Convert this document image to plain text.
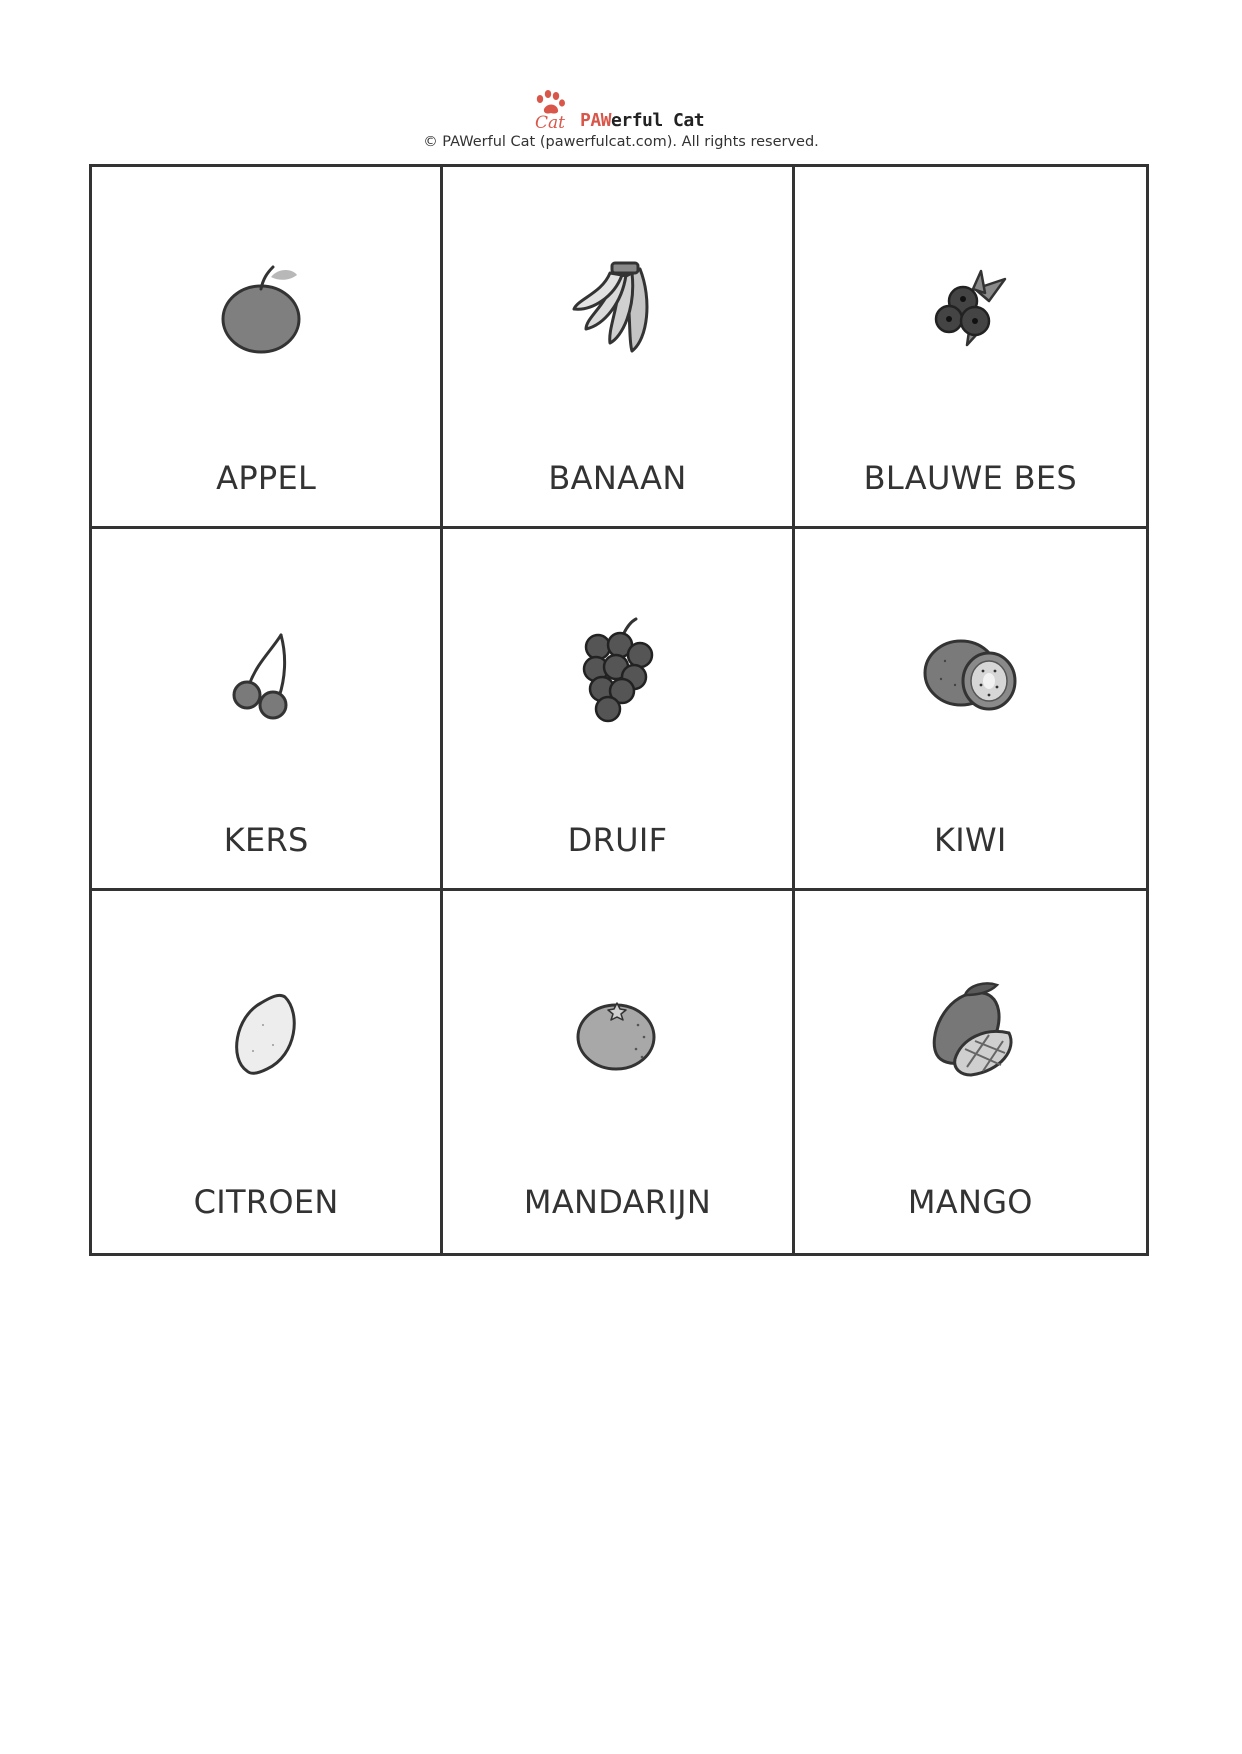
Cat PAWerful Cat
© PAWerful Cat (pawerfulcat.com). All rights reserved.
APPEL	BANAAN	BLAUWE BES
KERS	DRUIF	KIWI
CITROEN	MANDARIJN	MANGO
